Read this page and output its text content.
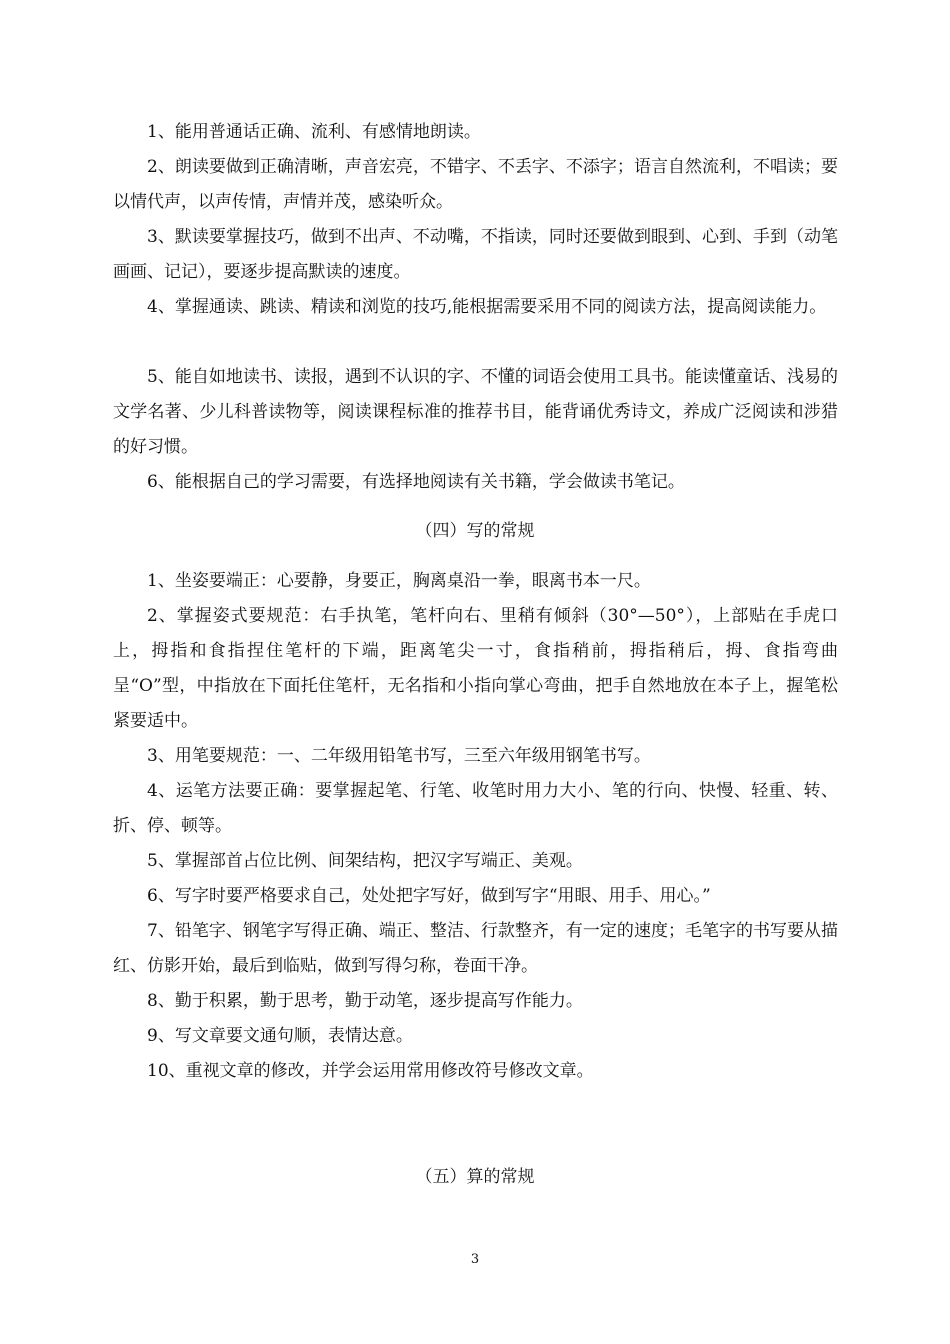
1、能用普通话正确、流利、有感情地朗读。

2、朗读要做到正确清晰，声音宏亮，不错字、不丢字、不添字；语言自然流利，不唱读；要以情代声，以声传情，声情并茂，感染听众。

3、默读要掌握技巧，做到不出声、不动嘴，不指读，同时还要做到眼到、心到、手到（动笔画画、记记），要逐步提高默读的速度。

4、掌握通读、跳读、精读和浏览的技巧,能根据需要采用不同的阅读方法，提高阅读能力。

5、能自如地读书、读报，遇到不认识的字、不懂的词语会使用工具书。能读懂童话、浅易的文学名著、少儿科普读物等，阅读课程标准的推荐书目，能背诵优秀诗文，养成广泛阅读和涉猎的好习惯。

6、能根据自己的学习需要，有选择地阅读有关书籍，学会做读书笔记。

（四）写的常规

1、坐姿要端正：心要静，身要正，胸离桌沿一拳，眼离书本一尺。

2、掌握姿式要规范：右手执笔，笔杆向右、里稍有倾斜（30°—50°），上部贴在手虎口上，拇指和食指捏住笔杆的下端，距离笔尖一寸，食指稍前，拇指稍后，拇、食指弯曲呈“O”型，中指放在下面托住笔杆，无名指和小指向掌心弯曲，把手自然地放在本子上，握笔松紧要适中。

3、用笔要规范：一、二年级用铅笔书写，三至六年级用钢笔书写。

4、运笔方法要正确：要掌握起笔、行笔、收笔时用力大小、笔的行向、快慢、轻重、转、折、停、顿等。

5、掌握部首占位比例、间架结构，把汉字写端正、美观。

6、写字时要严格要求自己，处处把字写好，做到写字“用眼、用手、用心。”

7、铅笔字、钢笔字写得正确、端正、整洁、行款整齐，有一定的速度；毛笔字的书写要从描红、仿影开始，最后到临贴，做到写得匀称，卷面干净。

8、勤于积累，勤于思考，勤于动笔，逐步提高写作能力。

9、写文章要文通句顺，表情达意。

10、重视文章的修改，并学会运用常用修改符号修改文章。

（五）算的常规

3
